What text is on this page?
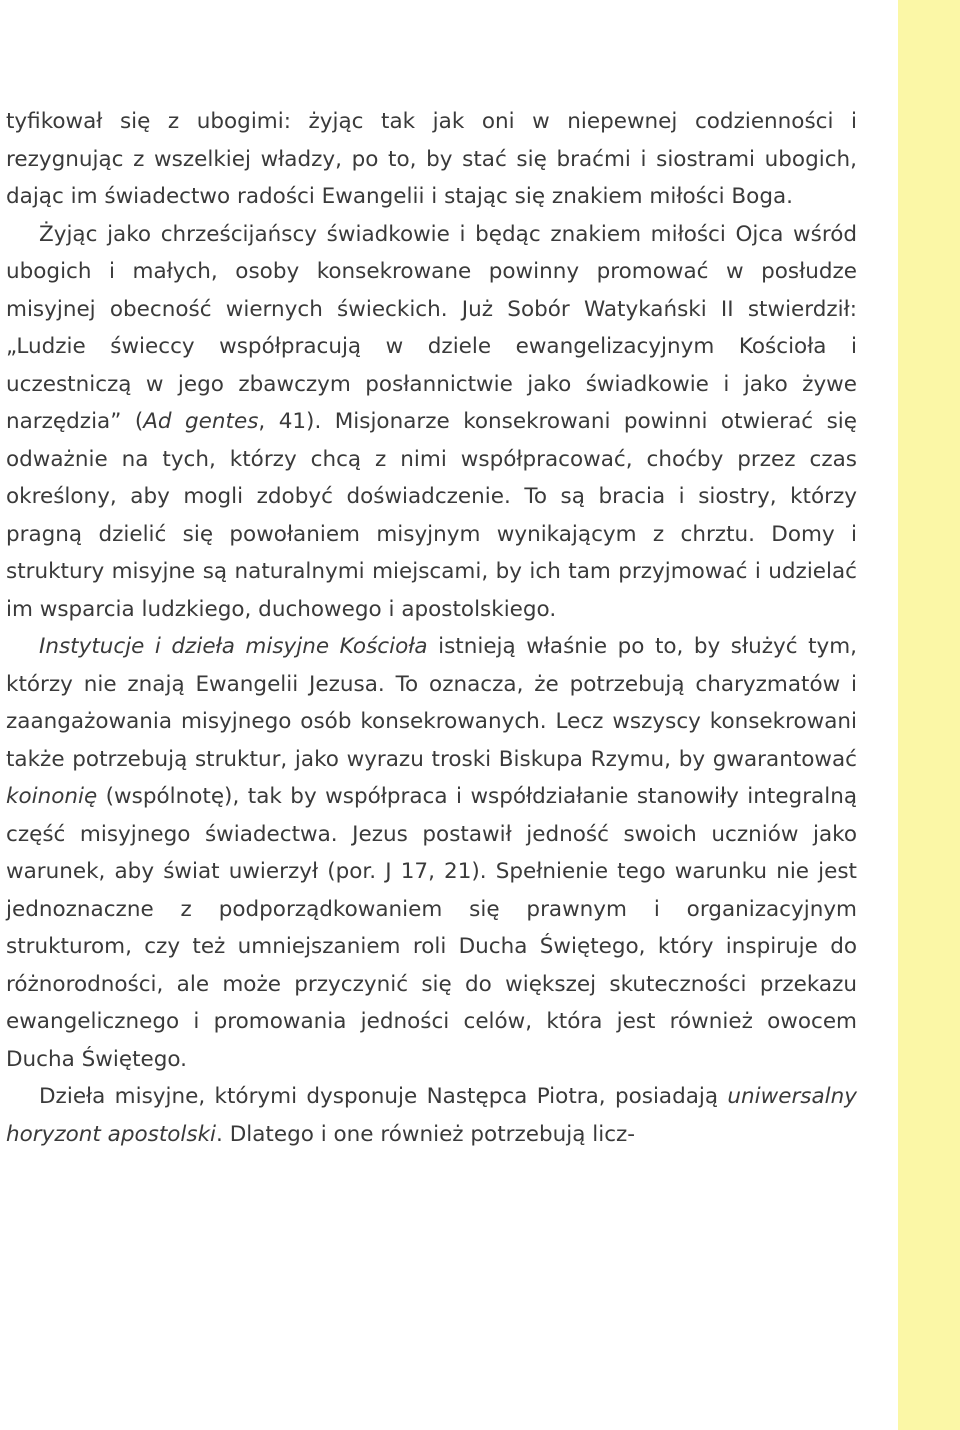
tyfikował się z ubogimi: żyjąc tak jak oni w niepewnej codzienności i rezygnując z wszelkiej władzy, po to, by stać się braćmi i siostrami ubogich, dając im świadectwo radości Ewangelii i stając się znakiem miłości Boga.

Żyjąc jako chrześcijańscy świadkowie i będąc znakiem miłości Ojca wśród ubogich i małych, osoby konsekrowane powinny promować w posłudze misyjnej obecność wiernych świeckich. Już Sobór Watykański II stwierdził: „Ludzie świeccy współpracują w dziele ewangelizacyjnym Kościoła i uczestniczą w jego zbawczym posłannictwie jako świadkowie i jako żywe narzędzia” (Ad gentes, 41). Misjonarze konsekrowani powinni otwierać się odważnie na tych, którzy chcą z nimi współpracować, choćby przez czas określony, aby mogli zdobyć doświadczenie. To są bracia i siostry, którzy pragną dzielić się powołaniem misyjnym wynikającym z chrztu. Domy i struktury misyjne są naturalnymi miejscami, by ich tam przyjmować i udzielać im wsparcia ludzkiego, duchowego i apostolskiego.

Instytucje i dzieła misyjne Kościoła istnieją właśnie po to, by służyć tym, którzy nie znają Ewangelii Jezusa. To oznacza, że potrzebują charyzmatów i zaangażowania misyjnego osób konsekrowanych. Lecz wszyscy konsekrowani także potrzebują struktur, jako wyrazu troski Biskupa Rzymu, by gwarantować koinonię (wspólnotę), tak by współpraca i współdziałanie stanowiły integralną część misyjnego świadectwa. Jezus postawił jedność swoich uczniów jako warunek, aby świat uwierzył (por. J 17, 21). Spełnienie tego warunku nie jest jednoznaczne z podporządkowaniem się prawnym i organizacyjnym strukturom, czy też umniejszaniem roli Ducha Świętego, który inspiruje do różnorodności, ale może przyczynić się do większej skuteczności przekazu ewangelicznego i promowania jedności celów, która jest również owocem Ducha Świętego.

Dzieła misyjne, którymi dysponuje Następca Piotra, posiadają uniwersalny horyzont apostolski. Dlatego i one również potrzebują licz-
